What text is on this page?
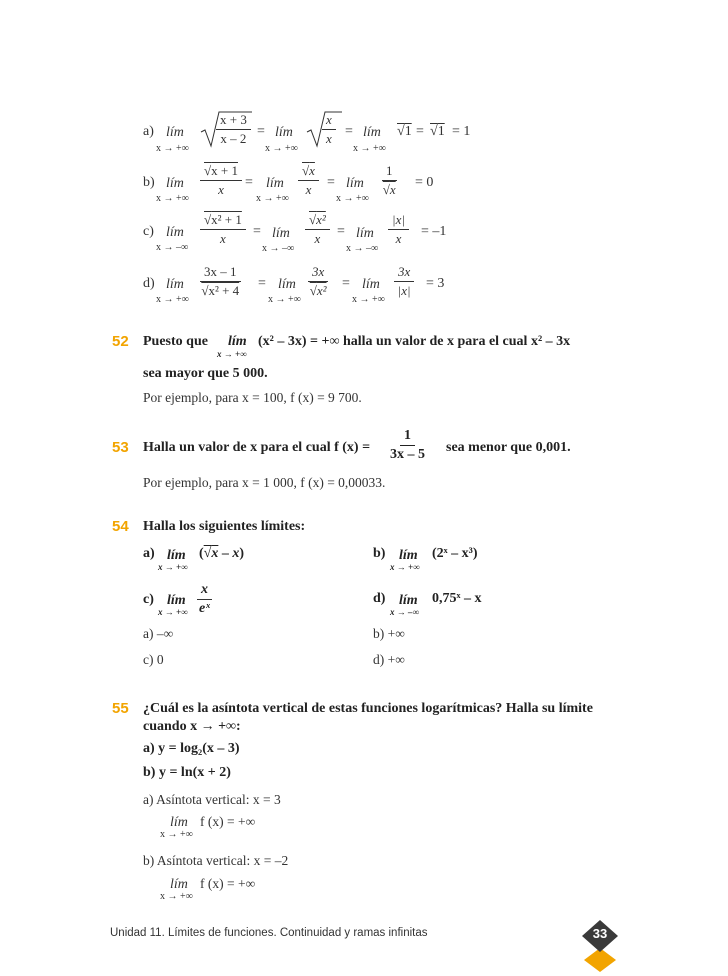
a) lím
x → +∞
$\frac{x + 3}{x - 2}$ = lím
x → +∞
$\frac{x}{x}$ = lím
x → +∞
√1 = √1 = 1
b) lím
x → +∞
$\frac{√x + 1}{x}$ = lím
x → +∞
$\frac{√x}{x}$ = lím
x → +∞
$\frac{1}{√x} = 0$
c) lím
x → –∞
$\frac{\text{√x² + 1}}{x}$ = lím
x → –∞
$\frac{\text{√x²}}{x}$ = lím
x → –∞
$\frac{|x|}{x} = -1$
d) lím
x → +∞
$\frac{3x - 1}{\text{√x² + 4}}$ = lím
x → +∞
$\frac{3x}{\text{√x²}}$ = lím
x → +∞
$\frac{3x}{|x|} = 3$
52 Puesto que lím
x → +∞
(x² – 3x) = +∞ halla un valor de x para el cual x² – 3x
sea mayor que 5 000.
Por ejemplo, para x = 100, f (x) = 9 700.
53 Halla un valor de x para el cual f $(x) = \frac{1}{3x - 5}$ sea menor que 0,001.
Por ejemplo, para x = 1 000, f (x) = 0,00033.
54 Halla los siguientes límites:
a) lím
x → +∞
(√x – x)	b) lím
x → +∞
(2ˣ – x³)
c) lím
x → +∞ $\frac{x}{\text{eˣ}}$	d) lím
x → –∞
0,75ˣ – x
a) –∞	b) +∞
c) 0	d) +∞
55 ¿Cuál es la asíntota vertical de estas funciones logarítmicas? Halla su límite
cuando x → +∞:
a) y = log₂(x – 3)
b) y = ln(x + 2)
a) Asíntota vertical: x = 3
lím f (x) = +∞
x → +∞
b) Asíntota vertical: x = –2
lím f (x) = +∞
x → +∞
Unidad 11. Límites de funciones. Continuidad y ramas infinitas	33
